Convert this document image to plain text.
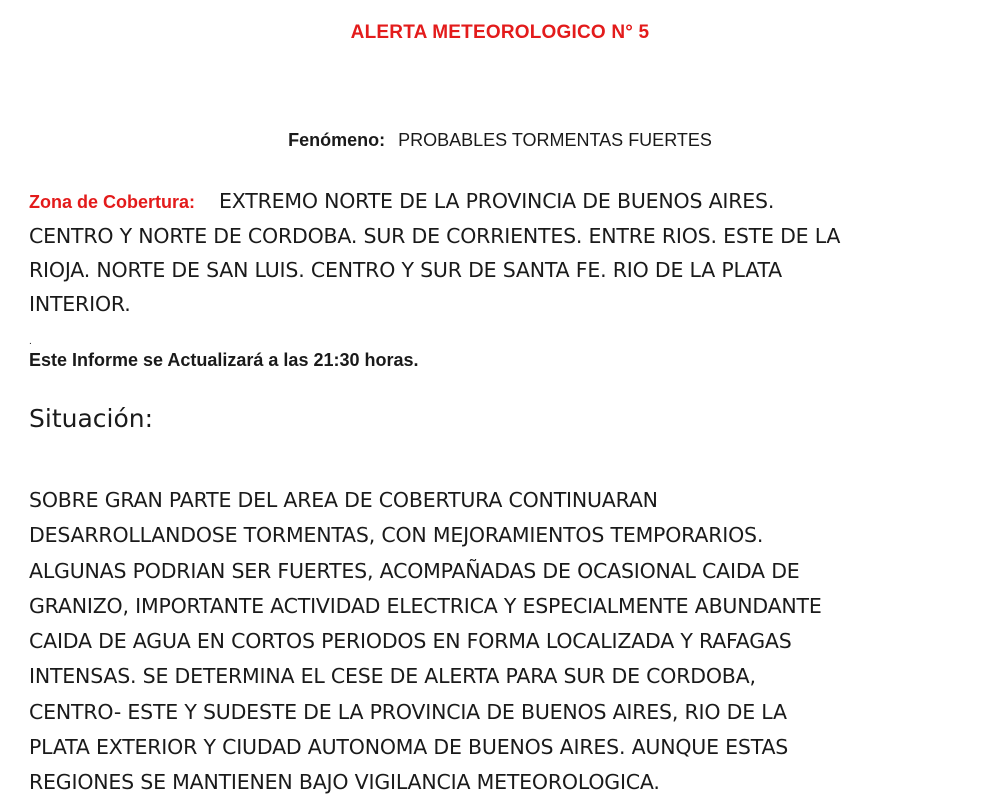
ALERTA METEOROLOGICO N° 5
Fenómeno: PROBABLES TORMENTAS FUERTES
Zona de Cobertura: EXTREMO NORTE DE LA PROVINCIA DE BUENOS AIRES.
CENTRO Y NORTE DE CORDOBA. SUR DE CORRIENTES. ENTRE RIOS. ESTE DE LA
RIOJA. NORTE DE SAN LUIS. CENTRO Y SUR DE SANTA FE. RIO DE LA PLATA
INTERIOR.
.
Este Informe se Actualizará a las 21:30 horas.
Situación:
SOBRE GRAN PARTE DEL AREA DE COBERTURA CONTINUARAN
DESARROLLANDOSE TORMENTAS, CON MEJORAMIENTOS TEMPORARIOS.
ALGUNAS PODRIAN SER FUERTES, ACOMPAÑADAS DE OCASIONAL CAIDA DE
GRANIZO, IMPORTANTE ACTIVIDAD ELECTRICA Y ESPECIALMENTE ABUNDANTE
CAIDA DE AGUA EN CORTOS PERIODOS EN FORMA LOCALIZADA Y RAFAGAS
INTENSAS. SE DETERMINA EL CESE DE ALERTA PARA SUR DE CORDOBA,
CENTRO- ESTE Y SUDESTE DE LA PROVINCIA DE BUENOS AIRES, RIO DE LA
PLATA EXTERIOR Y CIUDAD AUTONOMA DE BUENOS AIRES. AUNQUE ESTAS
REGIONES SE MANTIENEN BAJO VIGILANCIA METEOROLOGICA.
